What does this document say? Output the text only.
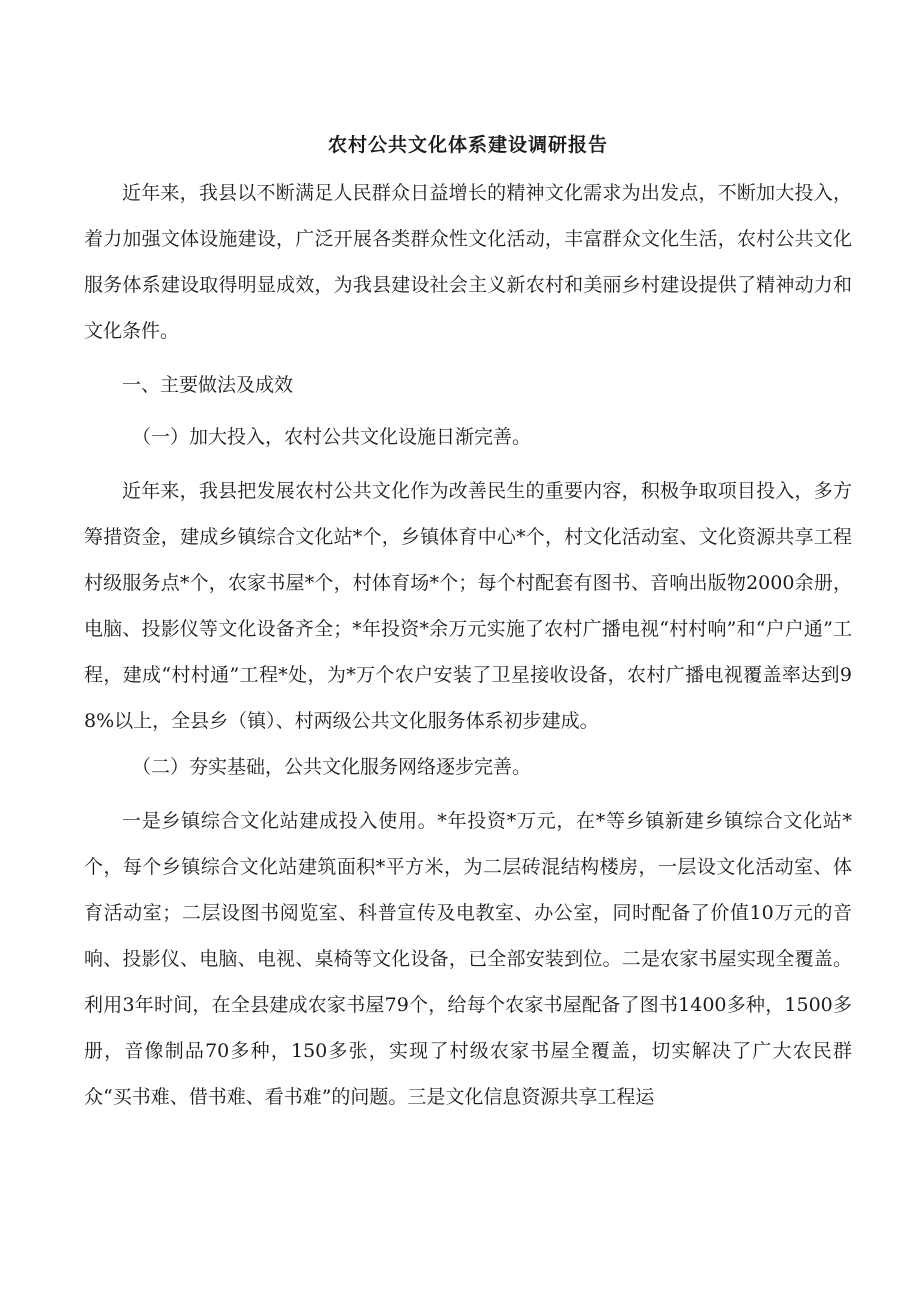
农村公共文化体系建设调研报告

近年来，我县以不断满足人民群众日益增长的精神文化需求为出发点，不断加大投入，着力加强文体设施建设，广泛开展各类群众性文化活动，丰富群众文化生活，农村公共文化服务体系建设取得明显成效，为我县建设社会主义新农村和美丽乡村建设提供了精神动力和文化条件。

一、主要做法及成效

（一）加大投入，农村公共文化设施日渐完善。

近年来，我县把发展农村公共文化作为改善民生的重要内容，积极争取项目投入，多方筹措资金，建成乡镇综合文化站*个，乡镇体育中心*个，村文化活动室、文化资源共享工程村级服务点*个，农家书屋*个，村体育场*个；每个村配套有图书、音响出版物2000余册，电脑、投影仪等文化设备齐全；*年投资*余万元实施了农村广播电视“村村响”和“户户通”工程，建成“村村通”工程*处，为*万个农户安装了卫星接收设备，农村广播电视覆盖率达到98%以上，全县乡（镇）、村两级公共文化服务体系初步建成。

（二）夯实基础，公共文化服务网络逐步完善。

一是乡镇综合文化站建成投入使用。*年投资*万元，在*等乡镇新建乡镇综合文化站*个，每个乡镇综合文化站建筑面积*平方米，为二层砖混结构楼房，一层设文化活动室、体育活动室；二层设图书阅览室、科普宣传及电教室、办公室，同时配备了价值10万元的音响、投影仪、电脑、电视、桌椅等文化设备，已全部安装到位。二是农家书屋实现全覆盖。利用3年时间，在全县建成农家书屋79个，给每个农家书屋配备了图书1400多种，1500多册，音像制品70多种，150多张，实现了村级农家书屋全覆盖，切实解决了广大农民群众“买书难、借书难、看书难”的问题。三是文化信息资源共享工程运
